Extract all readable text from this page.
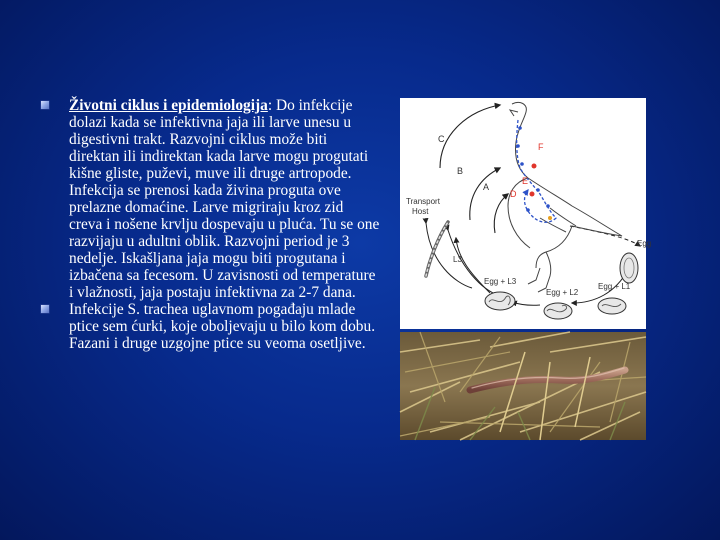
Životni ciklus i epidemiologija: Do infekcije dolazi kada se infektivna jaja ili larve unesu u digestivni trakt. Razvojni ciklus može biti direktan ili indirektan kada larve mogu progutati kišne gliste, puževi, muve ili druge artropode. Infekcija se prenosi kada živina proguta ove prelazne domaćine. Larve migriraju kroz zid creva i nošene krvlju dospevaju u pluća. Tu se one razvijaju u adultni oblik. Razvojni period je 3 nedelje. Iskašljana jaja mogu biti progutana i izbačena sa fecesom. U zavisnosti od temperature i vlažnosti, jaja postaju infektivna za 2-7 dana.
Infekcije S. trachea uglavnom pogađaju mlade ptice sem ćurki, koje oboljevaju u bilo kom dobu. Fazani i druge uzgojne ptice su veoma osetljive.
C
B
A
D
E
F
Transport
Host
L3
Egg
Egg + L1
Egg + L2
Egg + L3
